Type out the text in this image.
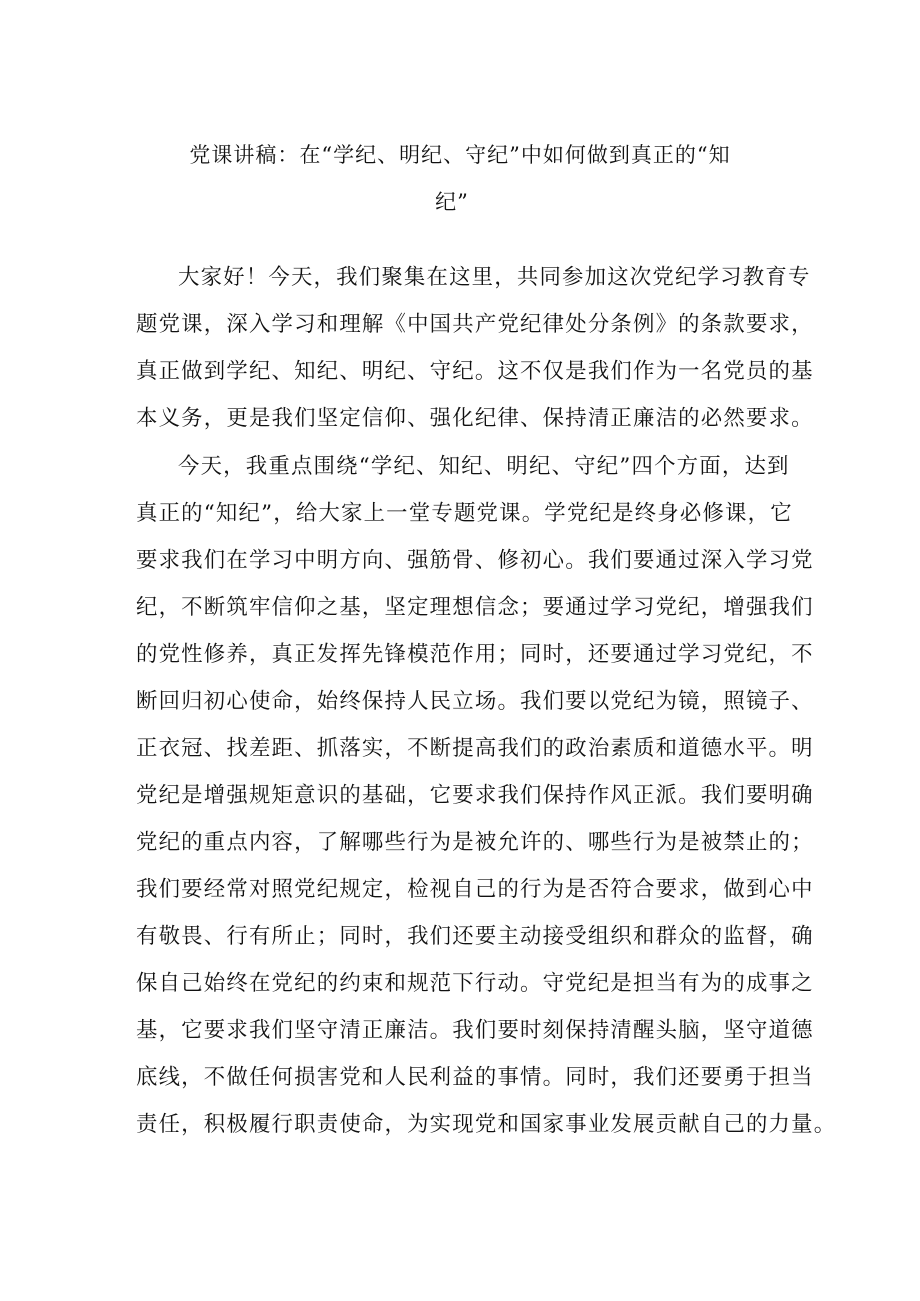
党课讲稿：在“学纪、明纪、守纪”中如何做到真正的“知
纪”
大家好！今天，我们聚集在这里，共同参加这次党纪学习教育专
题党课，深入学习和理解《中国共产党纪律处分条例》的条款要求，
真正做到学纪、知纪、明纪、守纪。这不仅是我们作为一名党员的基
本义务，更是我们坚定信仰、强化纪律、保持清正廉洁的必然要求。
今天，我重点围绕“学纪、知纪、明纪、守纪”四个方面，达到
真正的“知纪”，给大家上一堂专题党课。学党纪是终身必修课，它
要求我们在学习中明方向、强筋骨、修初心。我们要通过深入学习党
纪，不断筑牢信仰之基，坚定理想信念；要通过学习党纪，增强我们
的党性修养，真正发挥先锋模范作用；同时，还要通过学习党纪，不
断回归初心使命，始终保持人民立场。我们要以党纪为镜，照镜子、
正衣冠、找差距、抓落实，不断提高我们的政治素质和道德水平。明
党纪是增强规矩意识的基础，它要求我们保持作风正派。我们要明确
党纪的重点内容，了解哪些行为是被允许的、哪些行为是被禁止的；
我们要经常对照党纪规定，检视自己的行为是否符合要求，做到心中
有敬畏、行有所止；同时，我们还要主动接受组织和群众的监督，确
保自己始终在党纪的约束和规范下行动。守党纪是担当有为的成事之
基，它要求我们坚守清正廉洁。我们要时刻保持清醒头脑，坚守道德
底线，不做任何损害党和人民利益的事情。同时，我们还要勇于担当
责任，积极履行职责使命，为实现党和国家事业发展贡献自己的力量。
